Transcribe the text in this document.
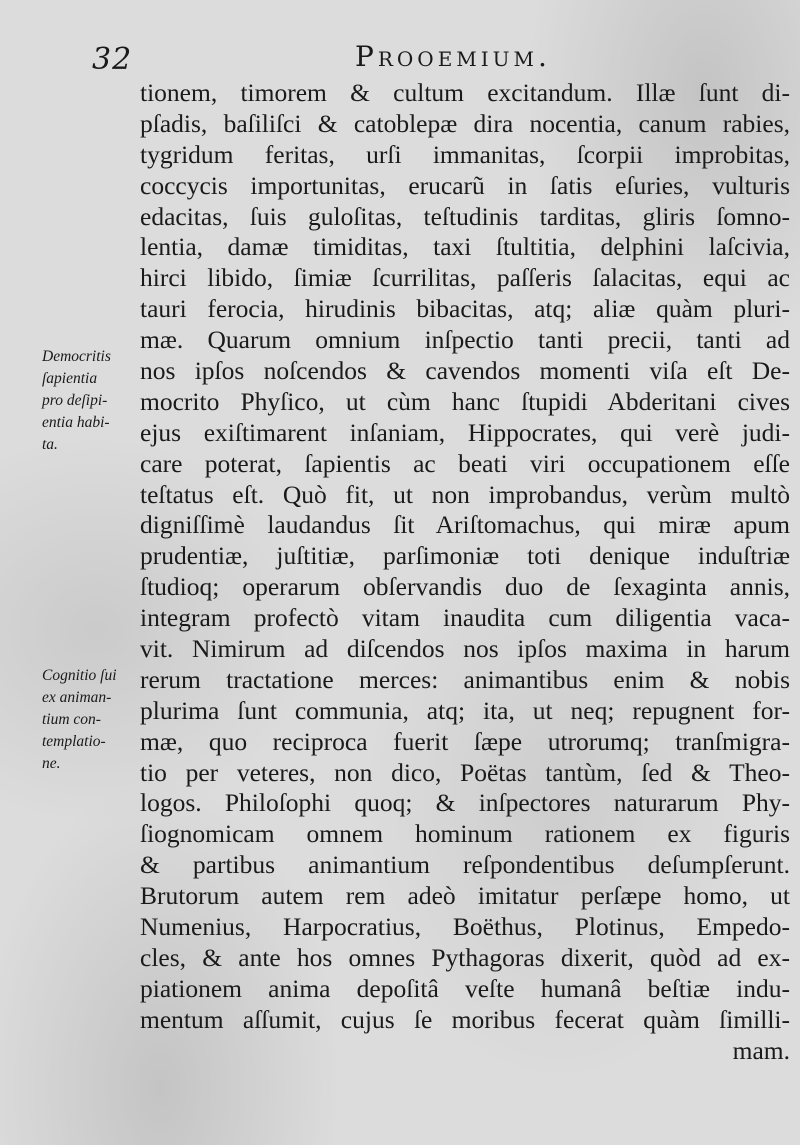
32	Prooemium.
Democritis
ſapientia
pro deſipi-
entia habi-
ta.
Cognitio ſui
ex animan-
tium con-
templatio-
ne.
tionem, timorem & cultum excitandum. Illæ ſunt di-
pſadis, baſiliſci & catoblepæ dira nocentia, canum rabies,
tygridum feritas, urſi immanitas, ſcorpii improbitas,
coccycis importunitas, erucarũ in ſatis eſuries, vulturis
edacitas, ſuis guloſitas, teſtudinis tarditas, gliris ſomno-
lentia, damæ timiditas, taxi ſtultitia, delphini laſcivia,
hirci libido, ſimiæ ſcurrilitas, paſſeris ſalacitas, equi ac
tauri ferocia, hirudinis bibacitas, atq; aliæ quàm pluri-
mæ. Quarum omnium inſpectio tanti precii, tanti ad
nos ipſos noſcendos & cavendos momenti viſa eſt De-
mocrito Phyſico, ut cùm hanc ſtupidi Abderitani cives
ejus exiſtimarent inſaniam, Hippocrates, qui verè judi-
care poterat, ſapientis ac beati viri occupationem eſſe
teſtatus eſt. Quò fit, ut non improbandus, verùm multò
digniſſimè laudandus ſit Ariſtomachus, qui miræ apum
prudentiæ, juſtitiæ, parſimoniæ toti denique induſtriæ
ſtudioq; operarum obſervandis duo de ſexaginta annis,
integram profectò vitam inaudita cum diligentia vaca-
vit. Nimirum ad diſcendos nos ipſos maxima in harum
rerum tractatione merces: animantibus enim & nobis
plurima ſunt communia, atq; ita, ut neq; repugnent for-
mæ, quo reciproca fuerit ſæpe utrorumq; tranſmigra-
tio per veteres, non dico, Poëtas tantùm, ſed & Theo-
logos. Philoſophi quoq; & inſpectores naturarum Phy-
ſiognomicam omnem hominum rationem ex figuris
& partibus animantium reſpondentibus deſumpſerunt.
Brutorum autem rem adeò imitatur perſæpe homo, ut
Numenius, Harpocratius, Boëthus, Plotinus, Empedo-
cles, & ante hos omnes Pythagoras dixerit, quòd ad ex-
piationem anima depoſitâ veſte humanâ beſtiæ indu-
mentum aſſumit, cujus ſe moribus fecerat quàm ſimilli-
mam.
